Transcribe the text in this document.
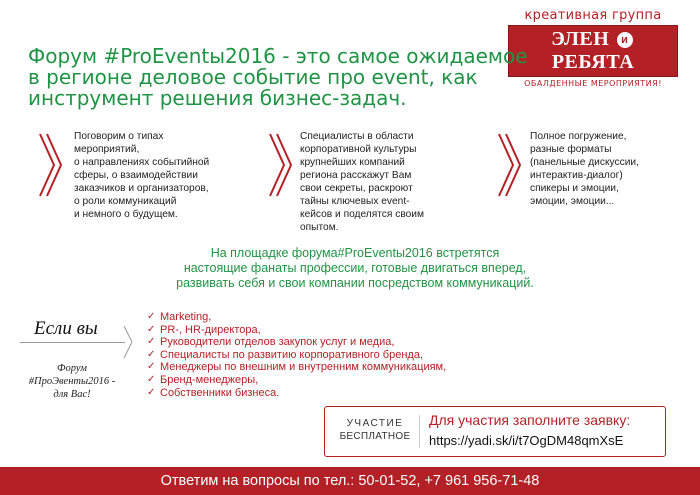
креативная группа
ЭЛЕН и РЕБЯТА
ОБАЛДЕННЫЕ МЕРОПРИЯТИЯ!
Форум #ProEventы2016 - это самое ожидаемое
в регионе деловое событие про event, как
инструмент решения бизнес-задач.
Поговорим о типах
мероприятий,
о направлениях событийной
сферы, о взаимодействии
заказчиков и организаторов,
о роли коммуникаций
и немного о будущем.
Специалисты в области
корпоративной культуры
крупнейших компаний
региона расскажут Вам
свои секреты, раскроют
тайны ключевых event-
кейсов и поделятся своим
опытом.
Полное погружение,
разные форматы
(панельные дискуссии,
интерактив-диалог)
спикеры и эмоции,
эмоции, эмоции...
На площадке форума#ProEventы2016 встретятся
настоящие фанаты профессии, готовые двигаться вперед,
развивать себя и свои компании посредством коммуникаций.
Если вы
Форум
#ПроЭвенты2016 -
для Вас!
✓ Marketing,
✓ PR-, HR-директора,
✓ Руководители отделов закупок услуг и медиа,
✓ Специалисты по развитию корпоративного бренда,
✓ Менеджеры по внешним и внутренним коммуникациям,
✓ Бренд-менеджеры,
✓ Собственники бизнеса.
УЧАСТИЕ
БЕСПЛАТНОЕ
Для участия заполните заявку:
https://yadi.sk/i/t7OgDM48qmXsE
Ответим на вопросы по тел.: 50-01-52, +7 961 956-71-48
